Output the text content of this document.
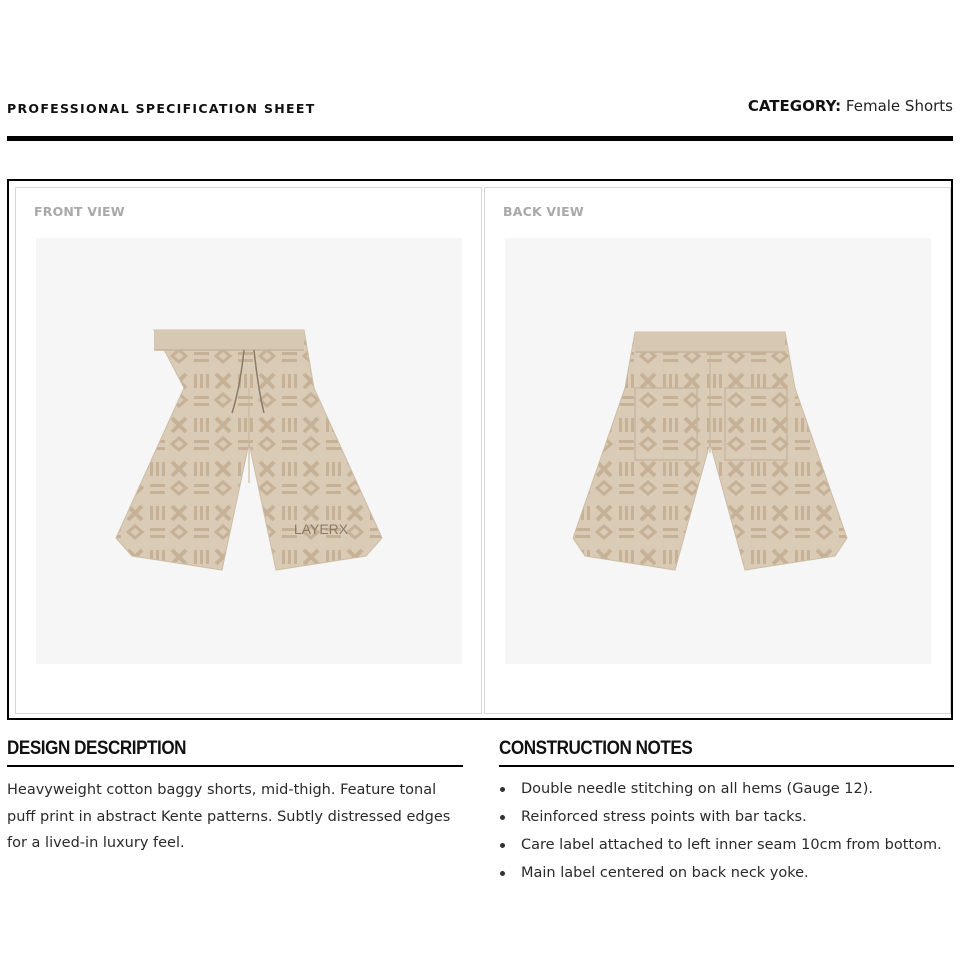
PROFESSIONAL SPECIFICATION SHEET	CATEGORY: Female Shorts
FRONT VIEW
LAYERX
BACK VIEW
DESIGN DESCRIPTION
Heavyweight cotton baggy shorts, mid-thigh. Feature tonal puff print in abstract Kente patterns. Subtly distressed edges for a lived-in luxury feel.
CONSTRUCTION NOTES
Double needle stitching on all hems (Gauge 12).
Reinforced stress points with bar tacks.
Care label attached to left inner seam 10cm from bottom.
Main label centered on back neck yoke.
